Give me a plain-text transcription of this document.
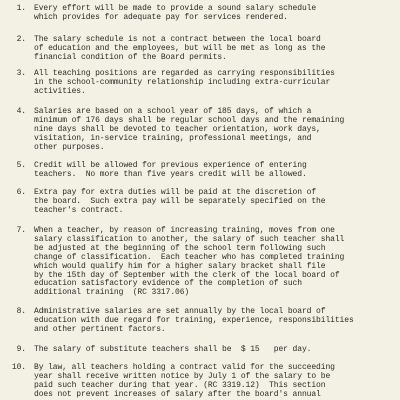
1. Every effort will be made to provide a sound salary schedule
which provides for adequate pay for services rendered.
2. The salary schedule is not a contract between the local board
of education and the employees, but will be met as long as the
financial condition of the Board permits.
3. All teaching positions are regarded as carrying responsibilities
in the school-community relationship including extra-curricular
activities.
4. Salaries are based on a school year of 185 days, of which a
minimum of 176 days shall be regular school days and the remaining
nine days shall be devoted to teacher orientation, work days,
visitation, in-service training, professional meetings, and
other purposes.
5. Credit will be allowed for previous experience of entering
teachers.  No more than five years credit will be allowed.
6. Extra pay for extra duties will be paid at the discretion of
the board.  Such extra pay will be separately specified on the
teacher's contract.
7. When a teacher, by reason of increasing training, moves from one
salary classification to another, the salary of such teacher shall
be adjusted at the beginning of the school term following such
change of classification.  Each teacher who has completed training
which would qualify him for a higher salary bracket shall file
by the 15th day of September with the clerk of the local board of
education satisfactory evidence of the completion of such
additional training  (RC 3317.06)
8. Administrative salaries are set annually by the local board of
education with due regard for training, experience, responsibilities
and other pertinent factors.
9. The salary of substitute teachers shall be  $ 15   per day.
10. By law, all teachers holding a contract valid for the succeeding
year shall receive written notice by July 1 of the salary to be
paid such teacher during that year. (RC 3319.12)  This section
does not prevent increases of salary after the board's annual
